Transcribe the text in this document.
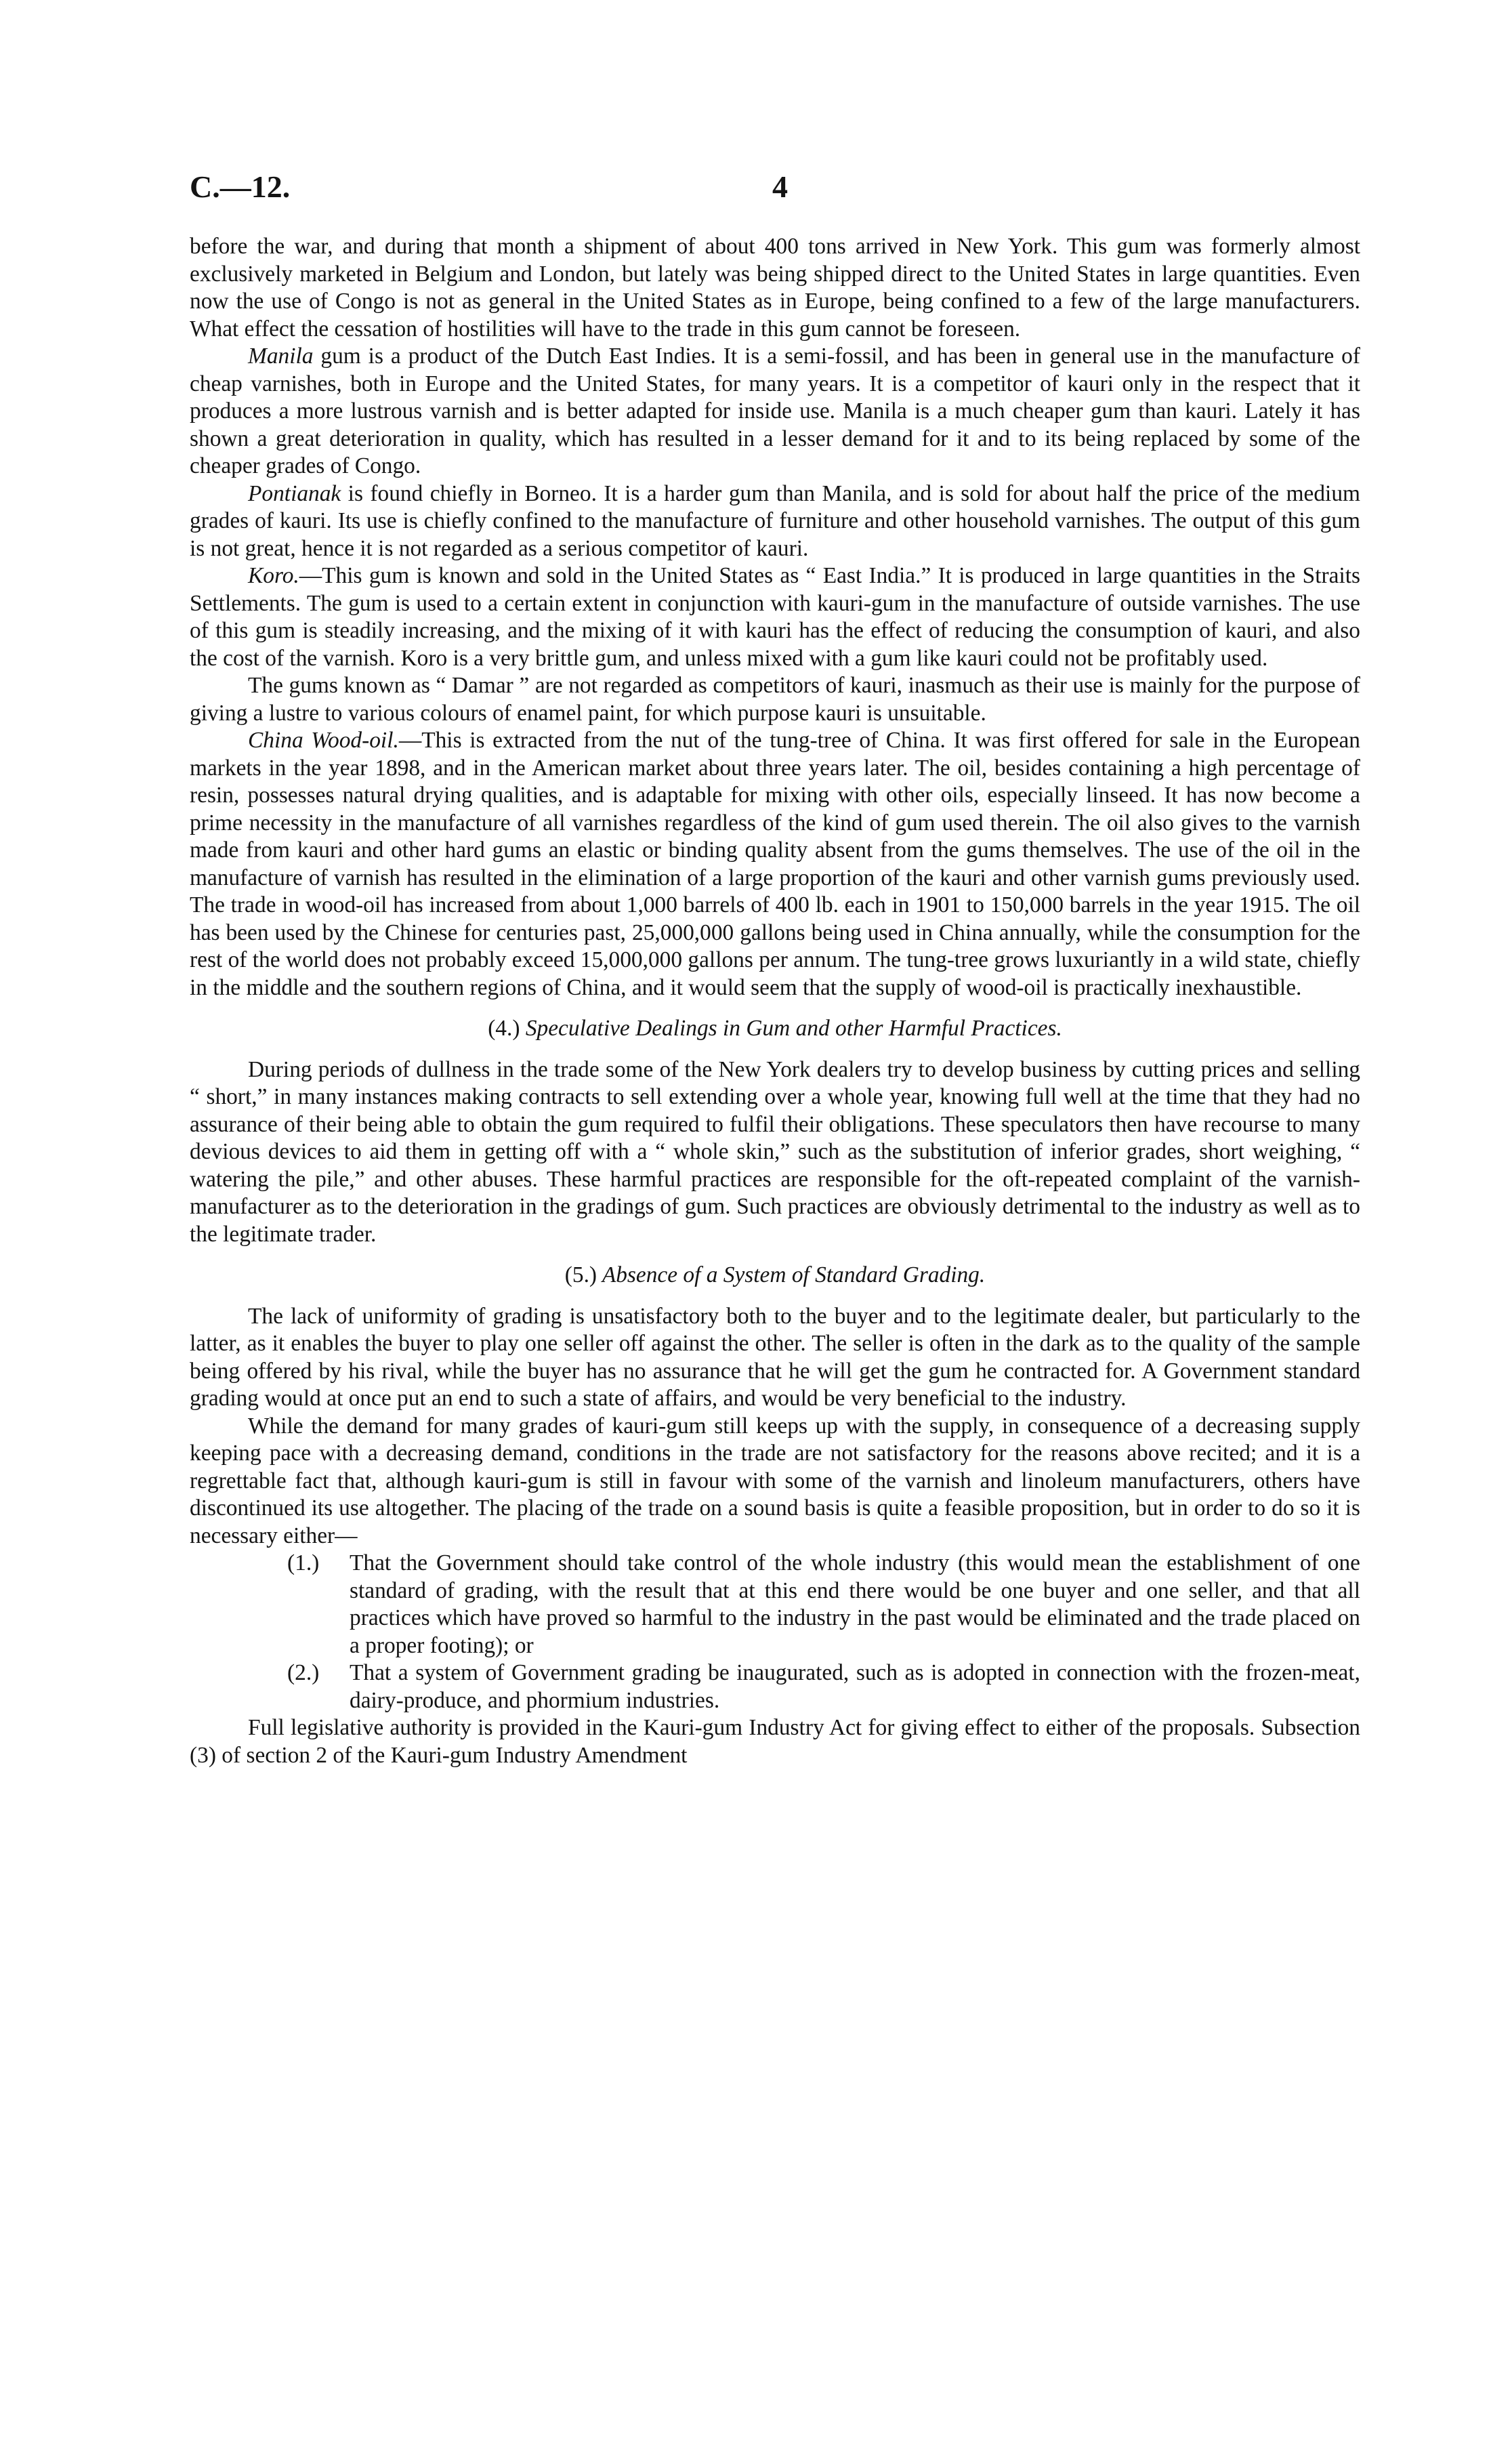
C.—12.	4

before the war, and during that month a shipment of about 400 tons arrived in New York. This gum was formerly almost exclusively marketed in Belgium and London, but lately was being shipped direct to the United States in large quantities. Even now the use of Congo is not as general in the United States as in Europe, being confined to a few of the large manufacturers. What effect the cessation of hostilities will have to the trade in this gum cannot be foreseen.

Manila gum is a product of the Dutch East Indies. It is a semi-fossil, and has been in general use in the manufacture of cheap varnishes, both in Europe and the United States, for many years. It is a competitor of kauri only in the respect that it produces a more lustrous varnish and is better adapted for inside use. Manila is a much cheaper gum than kauri. Lately it has shown a great deterioration in quality, which has resulted in a lesser demand for it and to its being replaced by some of the cheaper grades of Congo.

Pontianak is found chiefly in Borneo. It is a harder gum than Manila, and is sold for about half the price of the medium grades of kauri. Its use is chiefly confined to the manufacture of furniture and other household varnishes. The output of this gum is not great, hence it is not regarded as a serious competitor of kauri.

Koro.—This gum is known and sold in the United States as “ East India.” It is produced in large quantities in the Straits Settlements. The gum is used to a certain extent in conjunction with kauri-gum in the manufacture of outside varnishes. The use of this gum is steadily increasing, and the mixing of it with kauri has the effect of reducing the consumption of kauri, and also the cost of the varnish. Koro is a very brittle gum, and unless mixed with a gum like kauri could not be profitably used.

The gums known as “ Damar ” are not regarded as competitors of kauri, inasmuch as their use is mainly for the purpose of giving a lustre to various colours of enamel paint, for which purpose kauri is unsuitable.

China Wood-oil.—This is extracted from the nut of the tung-tree of China. It was first offered for sale in the European markets in the year 1898, and in the American market about three years later. The oil, besides containing a high percentage of resin, possesses natural drying qualities, and is adaptable for mixing with other oils, especially linseed. It has now become a prime necessity in the manufacture of all varnishes regardless of the kind of gum used therein. The oil also gives to the varnish made from kauri and other hard gums an elastic or binding quality absent from the gums themselves. The use of the oil in the manufacture of varnish has resulted in the elimination of a large proportion of the kauri and other varnish gums previously used. The trade in wood-oil has increased from about 1,000 barrels of 400 lb. each in 1901 to 150,000 barrels in the year 1915. The oil has been used by the Chinese for centuries past, 25,000,000 gallons being used in China annually, while the consumption for the rest of the world does not probably exceed 15,000,000 gallons per annum. The tung-tree grows luxuriantly in a wild state, chiefly in the middle and the southern regions of China, and it would seem that the supply of wood-oil is practically inexhaustible.

(4.) Speculative Dealings in Gum and other Harmful Practices.

During periods of dullness in the trade some of the New York dealers try to develop business by cutting prices and selling “ short,” in many instances making contracts to sell extending over a whole year, knowing full well at the time that they had no assurance of their being able to obtain the gum required to fulfil their obligations. These speculators then have recourse to many devious devices to aid them in getting off with a “ whole skin,” such as the substitution of inferior grades, short weighing, “ watering the pile,” and other abuses. These harmful practices are responsible for the oft-repeated complaint of the varnish-manufacturer as to the deterioration in the gradings of gum. Such practices are obviously detrimental to the industry as well as to the legitimate trader.

(5.) Absence of a System of Standard Grading.

The lack of uniformity of grading is unsatisfactory both to the buyer and to the legitimate dealer, but particularly to the latter, as it enables the buyer to play one seller off against the other. The seller is often in the dark as to the quality of the sample being offered by his rival, while the buyer has no assurance that he will get the gum he contracted for. A Government standard grading would at once put an end to such a state of affairs, and would be very beneficial to the industry.

While the demand for many grades of kauri-gum still keeps up with the supply, in consequence of a decreasing supply keeping pace with a decreasing demand, conditions in the trade are not satisfactory for the reasons above recited; and it is a regrettable fact that, although kauri-gum is still in favour with some of the varnish and linoleum manufacturers, others have discontinued its use altogether. The placing of the trade on a sound basis is quite a feasible proposition, but in order to do so it is necessary either—

(1.) That the Government should take control of the whole industry (this would mean the establishment of one standard of grading, with the result that at this end there would be one buyer and one seller, and that all practices which have proved so harmful to the industry in the past would be eliminated and the trade placed on a proper footing); or

(2.) That a system of Government grading be inaugurated, such as is adopted in connection with the frozen-meat, dairy-produce, and phormium industries.

Full legislative authority is provided in the Kauri-gum Industry Act for giving effect to either of the proposals. Subsection (3) of section 2 of the Kauri-gum Industry Amendment
